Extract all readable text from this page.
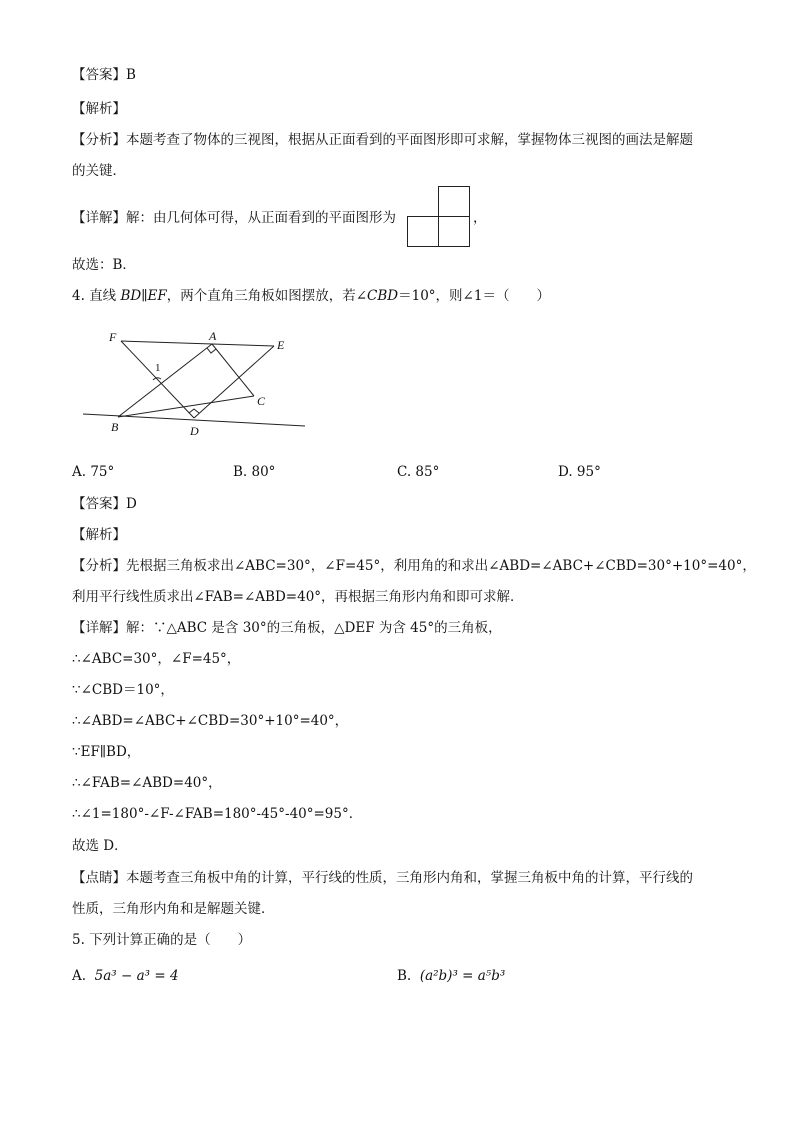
【答案】B
【解析】
【分析】本题考查了物体的三视图，根据从正面看到的平面图形即可求解，掌握物体三视图的画法是解题
的关键．
【详解】解：由几何体可得，从正面看到的平面图形为	，
故选：B．
4. 直线 BD∥EF，两个直角三角板如图摆放，若∠CBD＝10°，则∠1＝（　　）
F	A
E
C
B	D
1
A. 75°	B. 80°	C. 85°	D. 95°
【答案】D
【解析】
【分析】先根据三角板求出∠ABC=30°，∠F=45°，利用角的和求出∠ABD=∠ABC+∠CBD=30°+10°=40°，
利用平行线性质求出∠FAB=∠ABD=40°，再根据三角形内角和即可求解．
【详解】解：∵△ABC 是含 30°的三角板，△DEF 为含 45°的三角板，
∴∠ABC=30°，∠F=45°，
∵∠CBD＝10°，
∴∠ABD=∠ABC+∠CBD=30°+10°=40°，
∵EF∥BD，
∴∠FAB=∠ABD=40°，
∴∠1=180°-∠F-∠FAB=180°-45°-40°=95°．
故选 D．
【点睛】本题考查三角板中角的计算，平行线的性质，三角形内角和，掌握三角板中角的计算，平行线的
性质，三角形内角和是解题关键．
5. 下列计算正确的是（　　）
A. 5a³ − a³ = 4	B. (a²b)³ = a⁵b³
